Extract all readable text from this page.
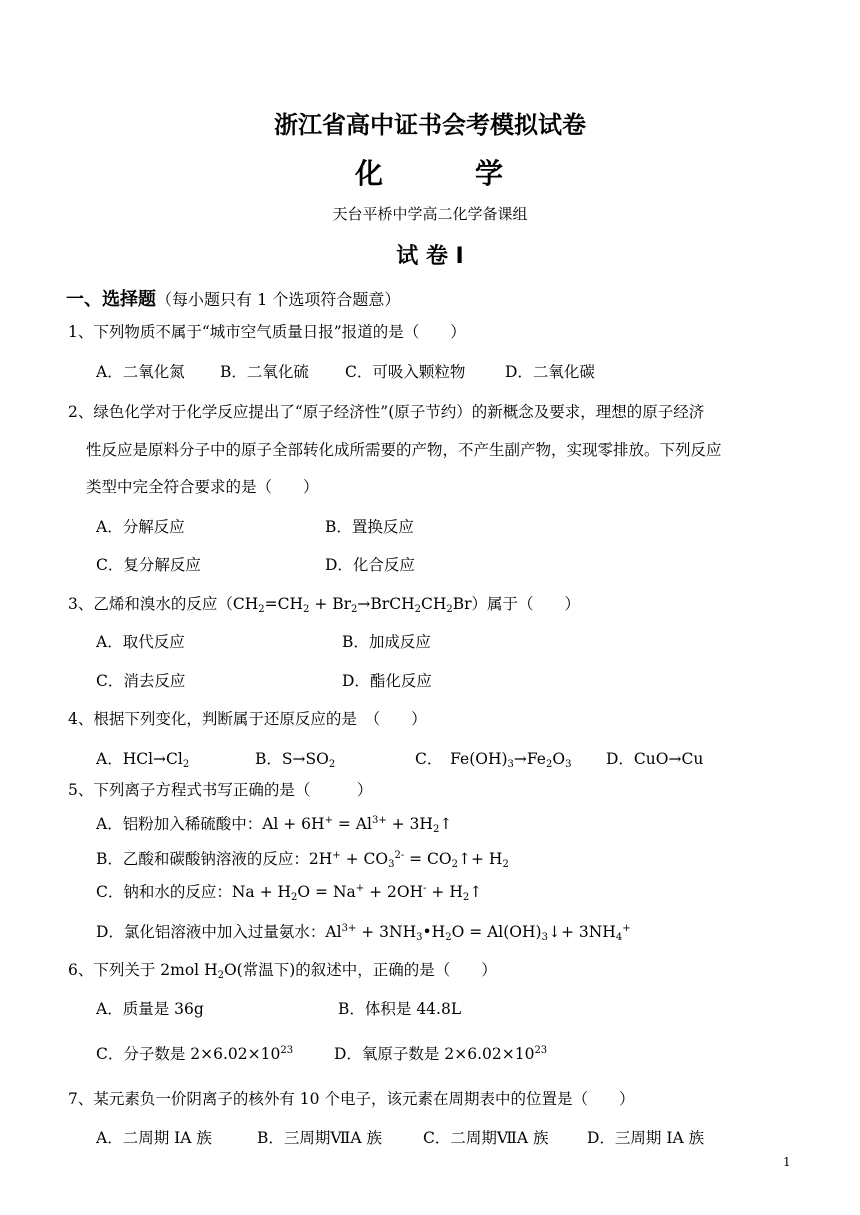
浙江省高中证书会考模拟试卷
化　　　学
天台平桥中学高二化学备课组
试 卷 Ⅰ
一、选择题（每小题只有 1 个选项符合题意）
1、下列物质不属于“城市空气质量日报”报道的是（　　）
A．二氧化氮 B．二氧化硫 C．可吸入颗粒物	D．二氧化碳
2、绿色化学对于化学反应提出了“原子经济性”(原子节约）的新概念及要求，理想的原子经济
性反应是原料分子中的原子全部转化成所需要的产物，不产生副产物，实现零排放。下列反应
类型中完全符合要求的是（　　）
A．分解反应	B．置换反应
C．复分解反应	D．化合反应
3、乙烯和溴水的反应（$CH_2=CH_2$ + $Br_2\to BrCH_2CH_2Br$）属于（　　）
A．取代反应	B．加成反应
C．消去反应	D．酯化反应
4、根据下列变化，判断属于还原反应的是　（　　）
A．$HCl\to Cl_2$	B．$S\to SO_2$	C．　$Fe(OH)_3\to Fe_2O_3$ D．CuO→Cu
5、下列离子方程式书写正确的是（　　　）
A．铝粉加入稀硫酸中：$Al + 6H^+ = Al^{3+}$ + $3H_2↑$
B．乙酸和碳酸钠溶液的反应：$2H^+ + CO_3^{2-}$ = $CO_2↑+ H_2$
C．钠和水的反应：$Na + H_2O = Na^+ + 2OH^-$ + $H_2↑$
D．氯化铝溶液中加入过量氨水：$Al^{3+}$ + $3NH_3•H_2O$ = $Al(OH)_3↓+ 3NH_4^+$
6、下列关于 2mol $H_2O$(常温下)的叙述中，正确的是（　　）
A．质量是 36g	B．体积是 44.8L
C．分子数是 $2\times 6.02\times 10^{23}$	D．氧原子数是 $2\times 6.02\times 10^{23}$
7、某元素负一价阴离子的核外有 10 个电子，该元素在周期表中的位置是（　　）
A．二周期 IA 族	B．三周期ⅦA 族	C．二周期ⅦA 族 D．三周期 IA 族
1
